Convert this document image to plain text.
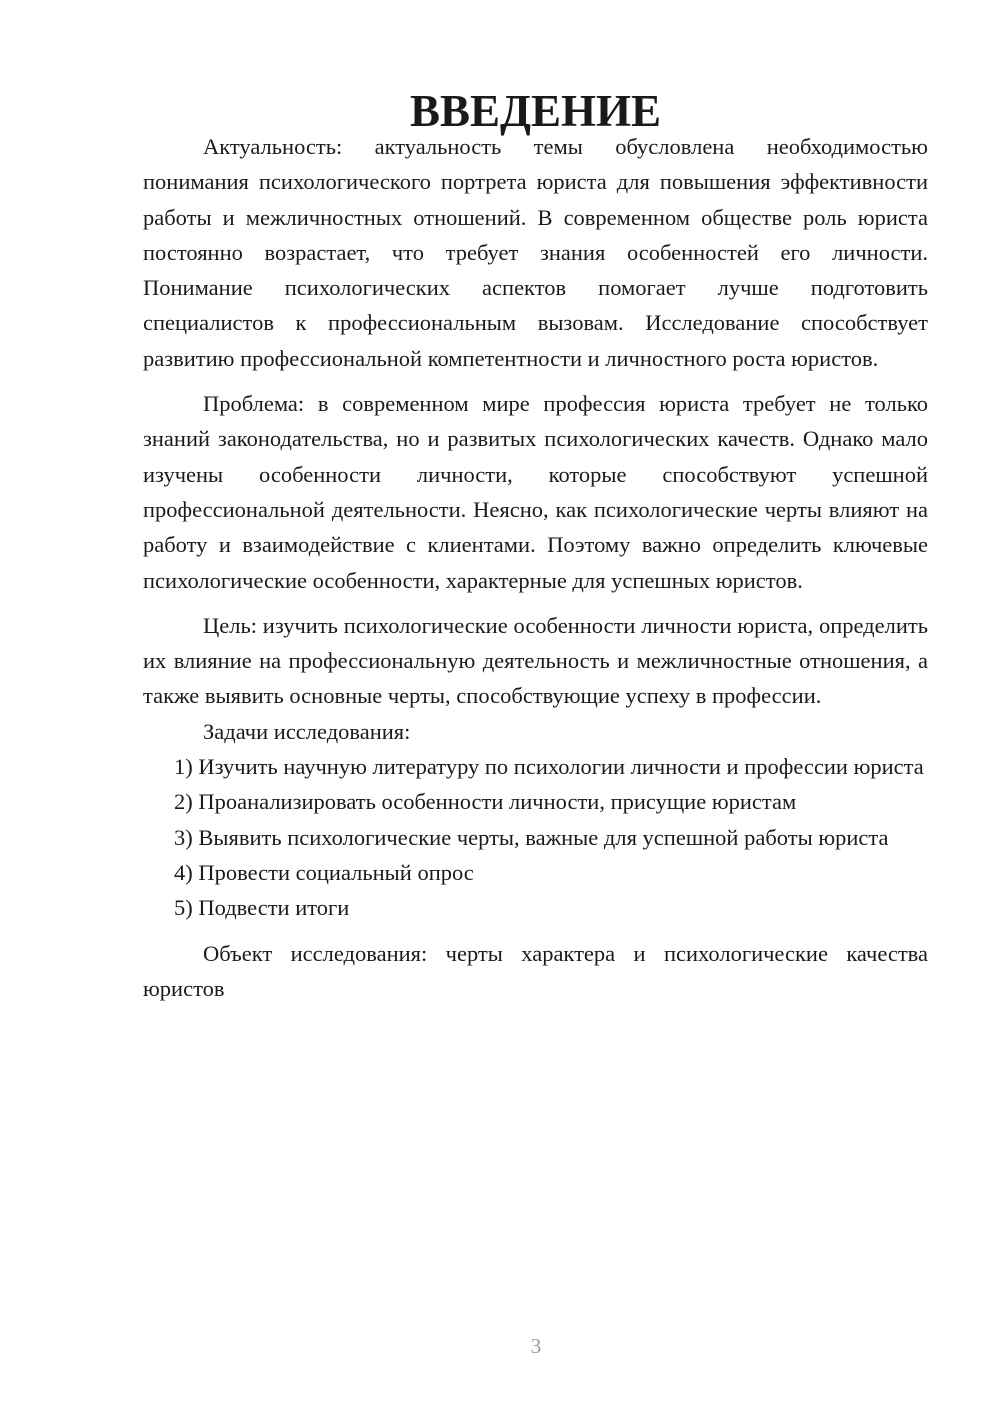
ВВЕДЕНИЕ

Актуальность: актуальность темы обусловлена необходимостью понимания психологического портрета юриста для повышения эффективности работы и межличностных отношений. В современном обществе роль юриста постоянно возрастает, что требует знания особенностей его личности. Понимание психологических аспектов помогает лучше подготовить специалистов к профессиональным вызовам. Исследование способствует развитию профессиональной компетентности и личностного роста юристов.

Проблема: в современном мире профессия юриста требует не только знаний законодательства, но и развитых психологических качеств. Однако мало изучены особенности личности, которые способствуют успешной профессиональной деятельности. Неясно, как психологические черты влияют на работу и взаимодействие с клиентами. Поэтому важно определить ключевые психологические особенности, характерные для успешных юристов.

Цель: изучить психологические особенности личности юриста, определить их влияние на профессиональную деятельность и межличностные отношения, а также выявить основные черты, способствующие успеху в профессии.

Задачи исследования:

1) Изучить научную литературу по психологии личности и профессии юриста

2) Проанализировать особенности личности, присущие юристам

3) Выявить психологические черты, важные для успешной работы юриста

4) Провести социальный опрос

5) Подвести итоги

Объект исследования: черты характера и психологические качества юристов

3
